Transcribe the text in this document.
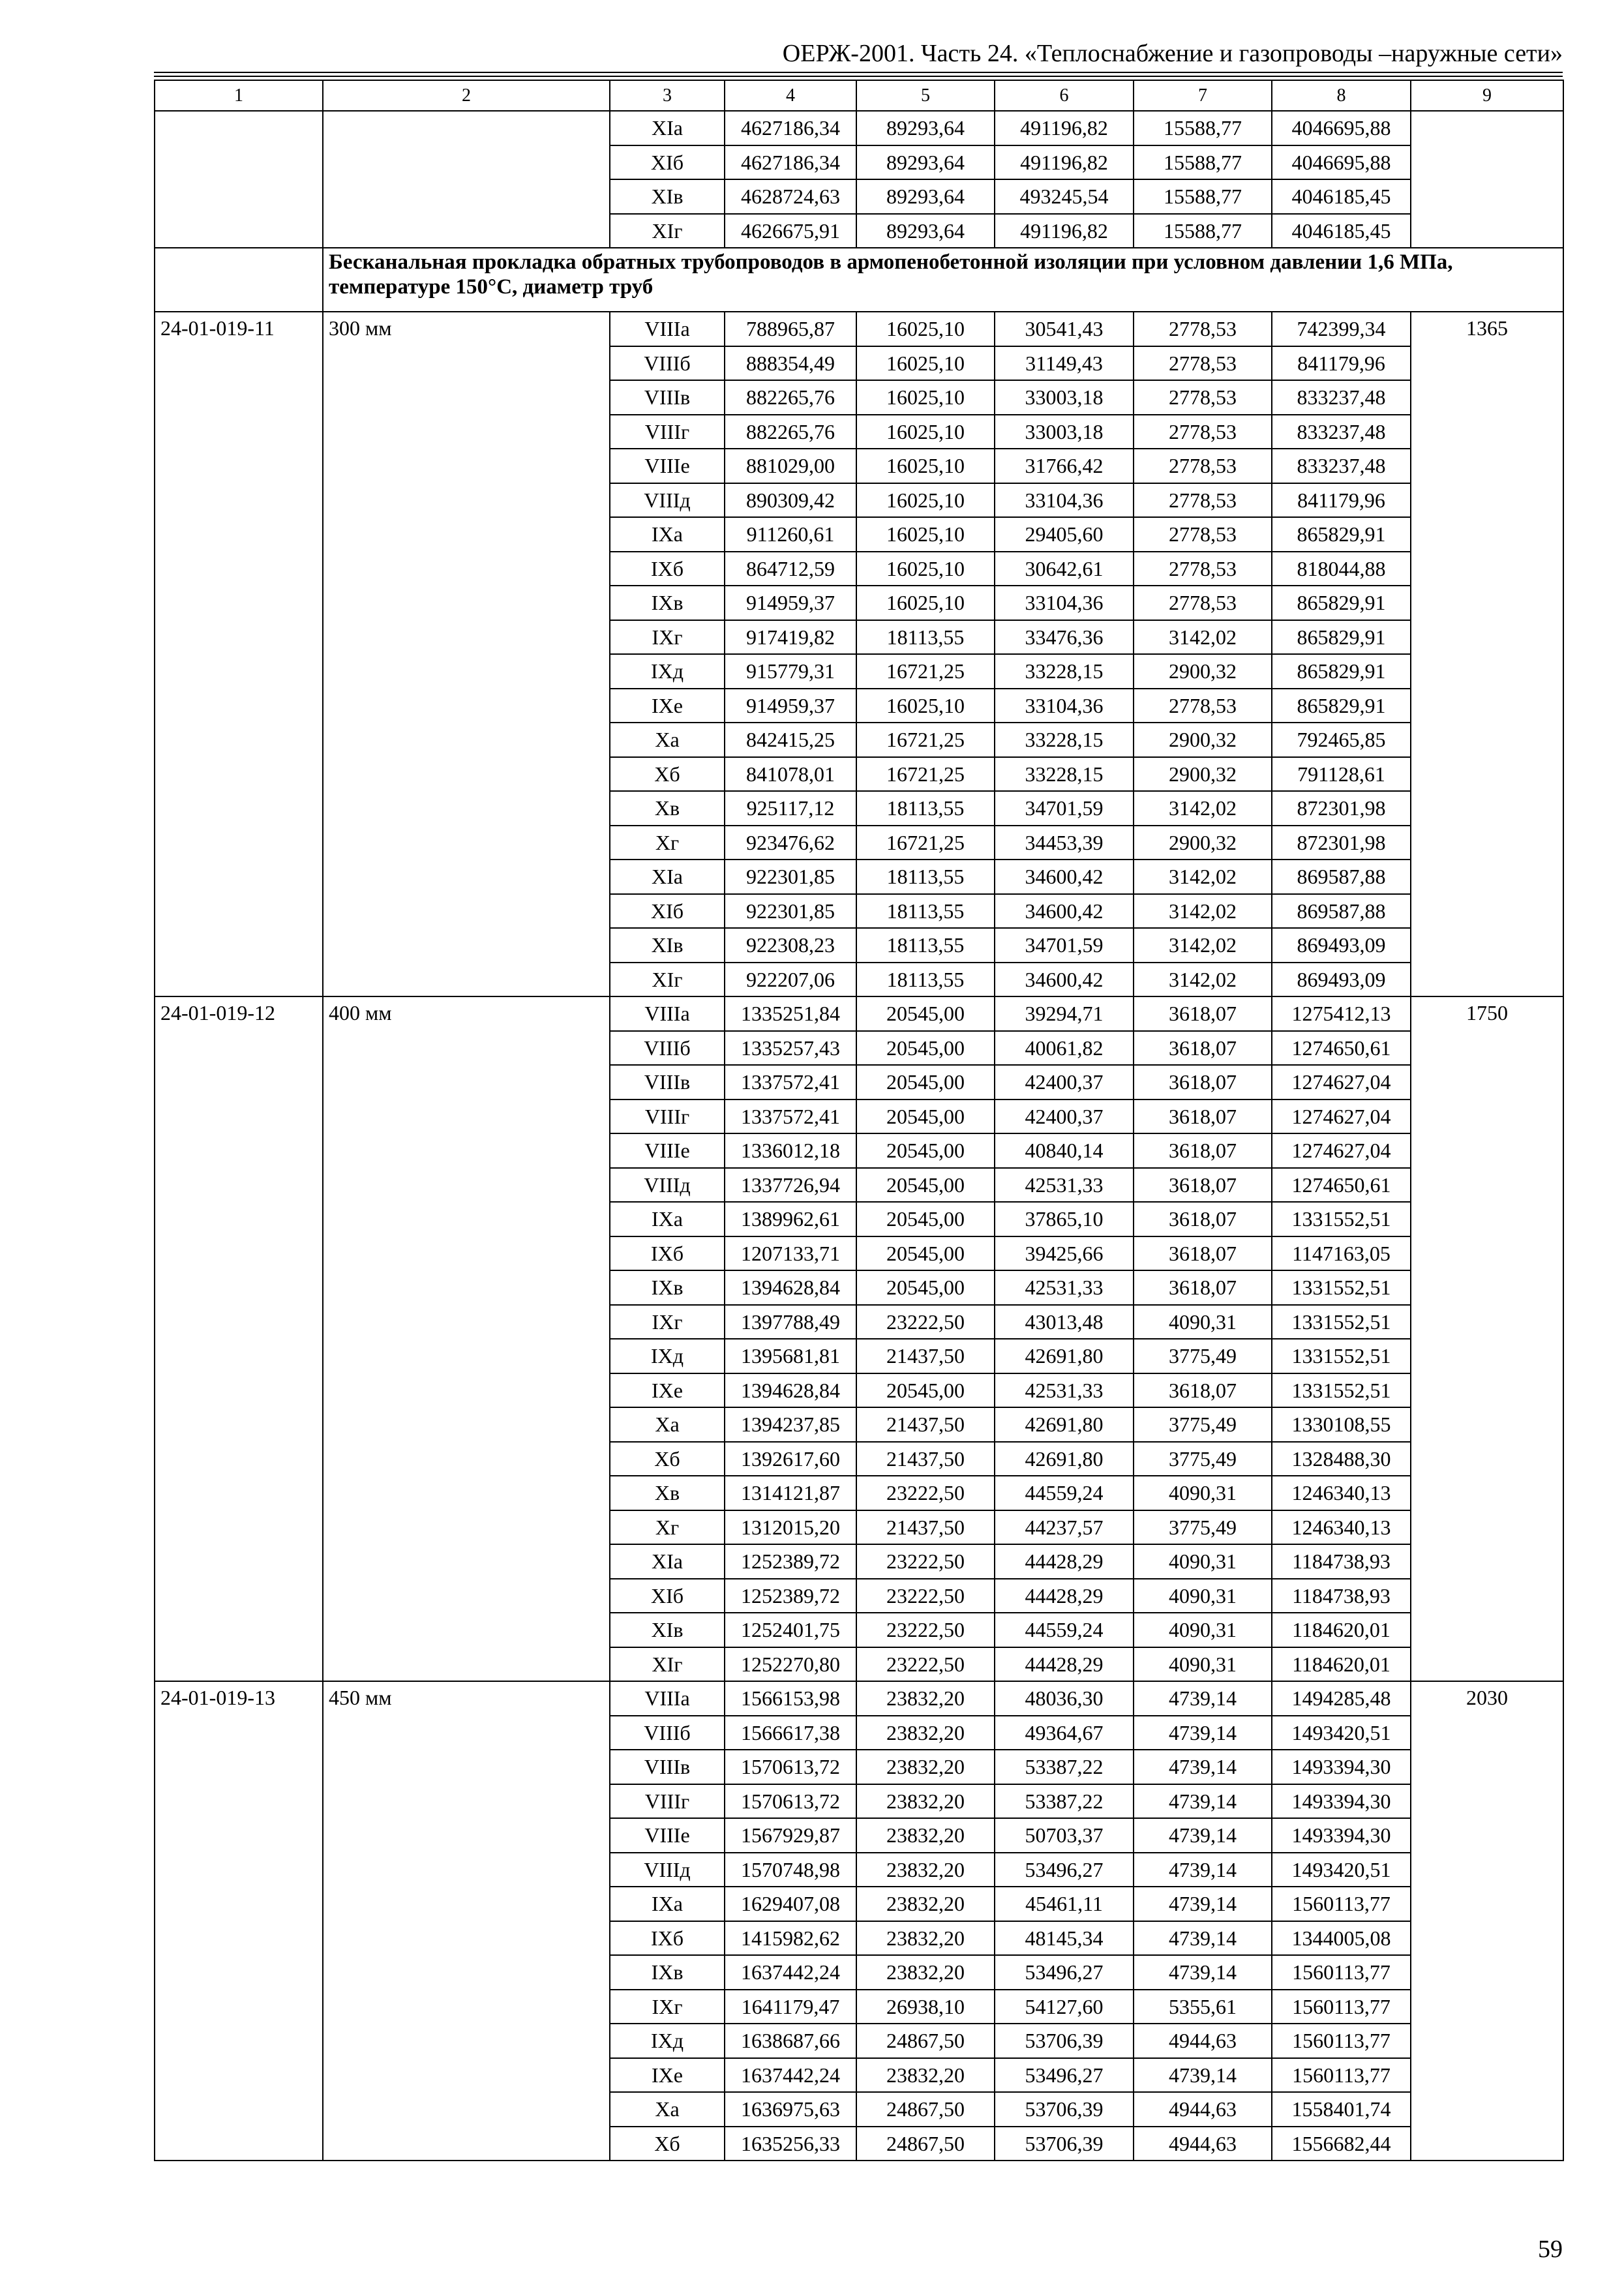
ОЕРЖ-2001. Часть 24. «Теплоснабжение и газопроводы –наружные сети»
1	2	3	4	5	6	7	8	9
		XIа	4627186,34	89293,64	491196,82	15588,77	4046695,88	
		XIб	4627186,34	89293,64	491196,82	15588,77	4046695,88	
		XIв	4628724,63	89293,64	493245,54	15588,77	4046185,45	
		XIг	4626675,91	89293,64	491196,82	15588,77	4046185,45	
	Бесканальная прокладка обратных трубопроводов в армопенобетонной изоляции при условном давлении 1,6 МПа, температуре 150°С, диаметр труб							
24-01-019-11	300 мм	VIIIа	788965,87	16025,10	30541,43	2778,53	742399,34	1365
		VIIIб	888354,49	16025,10	31149,43	2778,53	841179,96	
		VIIIв	882265,76	16025,10	33003,18	2778,53	833237,48	
		VIIIг	882265,76	16025,10	33003,18	2778,53	833237,48	
		VIIIе	881029,00	16025,10	31766,42	2778,53	833237,48	
		VIIIд	890309,42	16025,10	33104,36	2778,53	841179,96	
		IXа	911260,61	16025,10	29405,60	2778,53	865829,91	
		IXб	864712,59	16025,10	30642,61	2778,53	818044,88	
		IXв	914959,37	16025,10	33104,36	2778,53	865829,91	
		IXг	917419,82	18113,55	33476,36	3142,02	865829,91	
		IXд	915779,31	16721,25	33228,15	2900,32	865829,91	
		IXе	914959,37	16025,10	33104,36	2778,53	865829,91	
		Xа	842415,25	16721,25	33228,15	2900,32	792465,85	
		Xб	841078,01	16721,25	33228,15	2900,32	791128,61	
		Xв	925117,12	18113,55	34701,59	3142,02	872301,98	
		Xг	923476,62	16721,25	34453,39	2900,32	872301,98	
		XIа	922301,85	18113,55	34600,42	3142,02	869587,88	
		XIб	922301,85	18113,55	34600,42	3142,02	869587,88	
		XIв	922308,23	18113,55	34701,59	3142,02	869493,09	
		XIг	922207,06	18113,55	34600,42	3142,02	869493,09	
24-01-019-12	400 мм	VIIIа	1335251,84	20545,00	39294,71	3618,07	1275412,13	1750
		VIIIб	1335257,43	20545,00	40061,82	3618,07	1274650,61	
		VIIIв	1337572,41	20545,00	42400,37	3618,07	1274627,04	
		VIIIг	1337572,41	20545,00	42400,37	3618,07	1274627,04	
		VIIIе	1336012,18	20545,00	40840,14	3618,07	1274627,04	
		VIIIд	1337726,94	20545,00	42531,33	3618,07	1274650,61	
		IXа	1389962,61	20545,00	37865,10	3618,07	1331552,51	
		IXб	1207133,71	20545,00	39425,66	3618,07	1147163,05	
		IXв	1394628,84	20545,00	42531,33	3618,07	1331552,51	
		IXг	1397788,49	23222,50	43013,48	4090,31	1331552,51	
		IXд	1395681,81	21437,50	42691,80	3775,49	1331552,51	
		IXе	1394628,84	20545,00	42531,33	3618,07	1331552,51	
		Xа	1394237,85	21437,50	42691,80	3775,49	1330108,55	
		Xб	1392617,60	21437,50	42691,80	3775,49	1328488,30	
		Xв	1314121,87	23222,50	44559,24	4090,31	1246340,13	
		Xг	1312015,20	21437,50	44237,57	3775,49	1246340,13	
		XIа	1252389,72	23222,50	44428,29	4090,31	1184738,93	
		XIб	1252389,72	23222,50	44428,29	4090,31	1184738,93	
		XIв	1252401,75	23222,50	44559,24	4090,31	1184620,01	
		XIг	1252270,80	23222,50	44428,29	4090,31	1184620,01	
24-01-019-13	450 мм	VIIIа	1566153,98	23832,20	48036,30	4739,14	1494285,48	2030
		VIIIб	1566617,38	23832,20	49364,67	4739,14	1493420,51	
		VIIIв	1570613,72	23832,20	53387,22	4739,14	1493394,30	
		VIIIг	1570613,72	23832,20	53387,22	4739,14	1493394,30	
		VIIIе	1567929,87	23832,20	50703,37	4739,14	1493394,30	
		VIIIд	1570748,98	23832,20	53496,27	4739,14	1493420,51	
		IXа	1629407,08	23832,20	45461,11	4739,14	1560113,77	
		IXб	1415982,62	23832,20	48145,34	4739,14	1344005,08	
		IXв	1637442,24	23832,20	53496,27	4739,14	1560113,77	
		IXг	1641179,47	26938,10	54127,60	5355,61	1560113,77	
		IXд	1638687,66	24867,50	53706,39	4944,63	1560113,77	
		IXе	1637442,24	23832,20	53496,27	4739,14	1560113,77	
		Xа	1636975,63	24867,50	53706,39	4944,63	1558401,74	
		Xб	1635256,33	24867,50	53706,39	4944,63	1556682,44	
59
